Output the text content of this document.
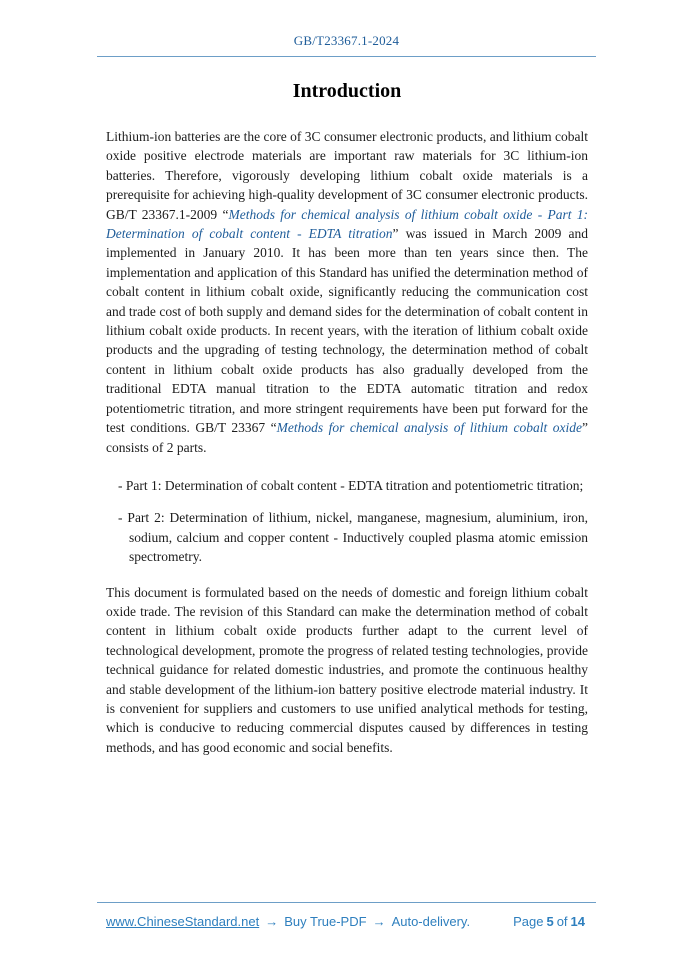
GB/T23367.1-2024
Introduction

Lithium-ion batteries are the core of 3C consumer electronic products, and lithium cobalt oxide positive electrode materials are important raw materials for 3C lithium-ion batteries. Therefore, vigorously developing lithium cobalt oxide materials is a prerequisite for achieving high-quality development of 3C consumer electronic products. GB/T 23367.1-2009 “Methods for chemical analysis of lithium cobalt oxide - Part 1: Determination of cobalt content - EDTA titration” was issued in March 2009 and implemented in January 2010. It has been more than ten years since then. The implementation and application of this Standard has unified the determination method of cobalt content in lithium cobalt oxide, significantly reducing the communication cost and trade cost of both supply and demand sides for the determination of cobalt content in lithium cobalt oxide products. In recent years, with the iteration of lithium cobalt oxide products and the upgrading of testing technology, the determination method of cobalt content in lithium cobalt oxide products has also gradually developed from the traditional EDTA manual titration to the EDTA automatic titration and redox potentiometric titration, and more stringent requirements have been put forward for the test conditions. GB/T 23367 “Methods for chemical analysis of lithium cobalt oxide” consists of 2 parts.

- Part 1: Determination of cobalt content - EDTA titration and potentiometric titration;

- Part 2: Determination of lithium, nickel, manganese, magnesium, aluminium, iron, sodium, calcium and copper content - Inductively coupled plasma atomic emission spectrometry.

This document is formulated based on the needs of domestic and foreign lithium cobalt oxide trade. The revision of this Standard can make the determination method of cobalt content in lithium cobalt oxide products further adapt to the current level of technological development, promote the progress of related testing technologies, provide technical guidance for related domestic industries, and promote the continuous healthy and stable development of the lithium-ion battery positive electrode material industry. It is convenient for suppliers and customers to use unified analytical methods for testing, which is conducive to reducing commercial disputes caused by differences in testing methods, and has good economic and social benefits.

www.ChineseStandard.net → Buy True-PDF → Auto-delivery.	Page 5 of 14
